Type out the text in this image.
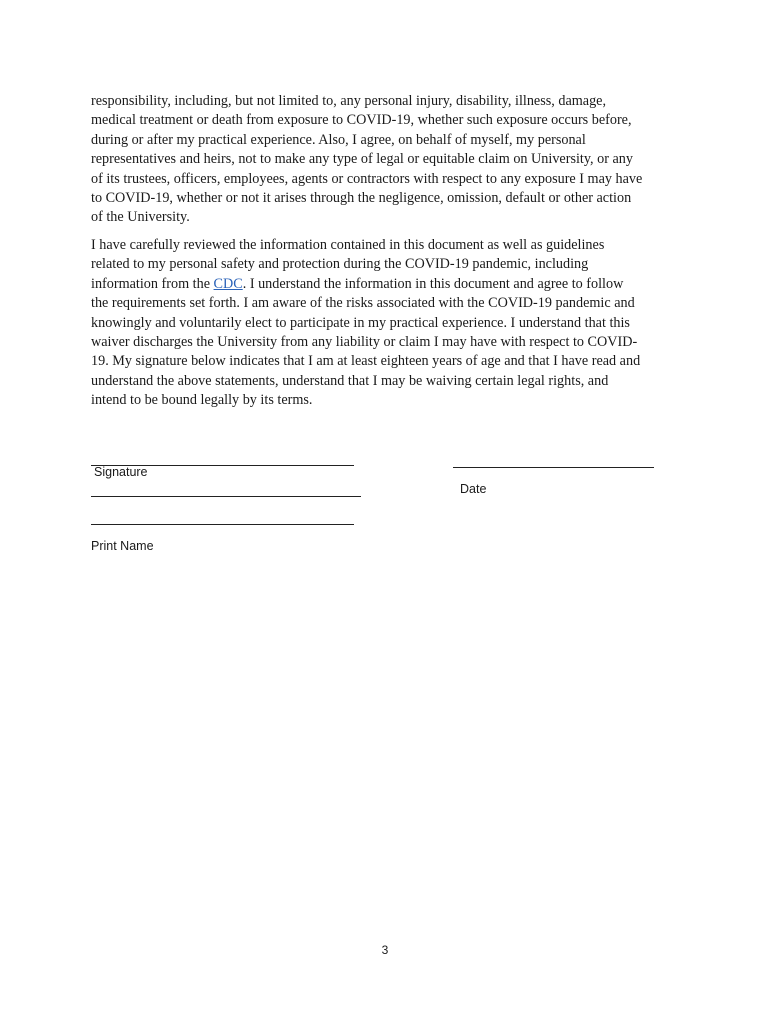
responsibility, including, but not limited to, any personal injury, disability, illness, damage,
medical treatment or death from exposure to COVID-19, whether such exposure occurs before,
during or after my practical experience. Also, I agree, on behalf of myself, my personal
representatives and heirs, not to make any type of legal or equitable claim on University, or any
of its trustees, officers, employees, agents or contractors with respect to any exposure I may have
to COVID-19, whether or not it arises through the negligence, omission, default or other action
of the University.
I have carefully reviewed the information contained in this document as well as guidelines
related to my personal safety and protection during the COVID-19 pandemic, including
information from the CDC. I understand the information in this document and agree to follow
the requirements set forth. I am aware of the risks associated with the COVID-19 pandemic and
knowingly and voluntarily elect to participate in my practical experience. I understand that this
waiver discharges the University from any liability or claim I may have with respect to COVID-
19. My signature below indicates that I am at least eighteen years of age and that I have read and
understand the above statements, understand that I may be waiving certain legal rights, and
intend to be bound legally by its terms.
Signature
Date
Print Name
3
